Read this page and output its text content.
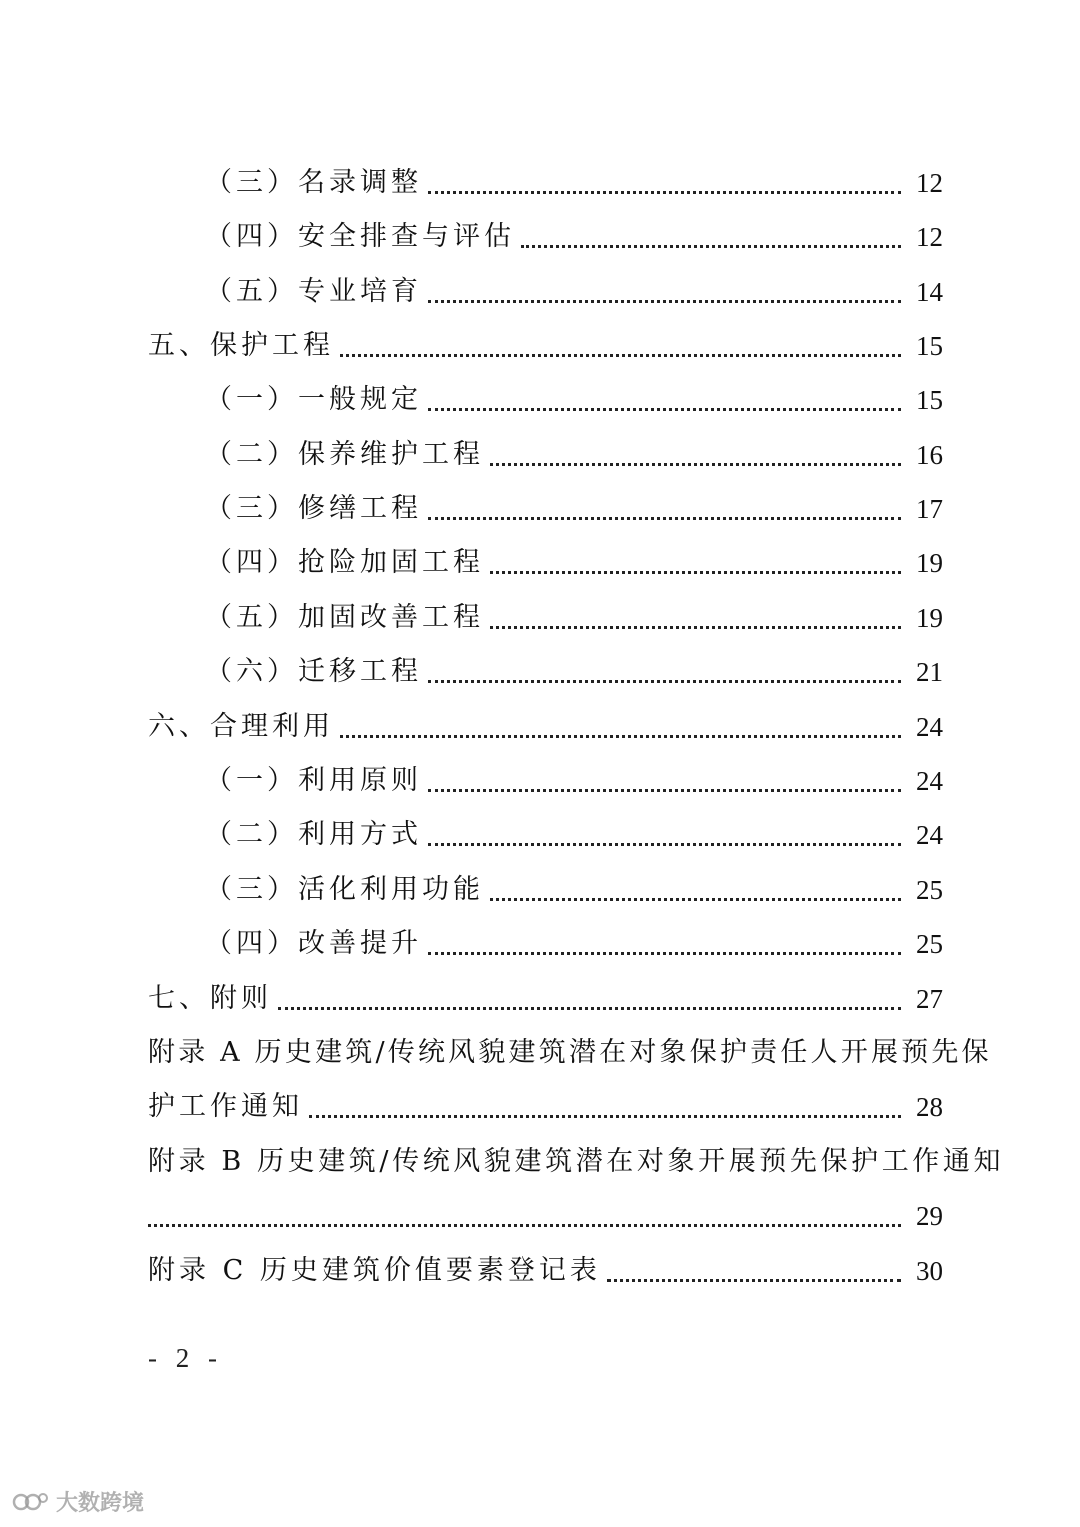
（三）名录调整	12
（四）安全排查与评估	12
（五）专业培育	14
五、保护工程	15
（一）一般规定	15
（二）保养维护工程	16
（三）修缮工程	17
（四）抢险加固工程	19
（五）加固改善工程	19
（六）迁移工程	21
六、合理利用	24
（一）利用原则	24
（二）利用方式	24
（三）活化利用功能	25
（四）改善提升	25
七、附则	27
附录 A 历史建筑/传统风貌建筑潜在对象保护责任人开展预先保
护工作通知	28
附录 B 历史建筑/传统风貌建筑潜在对象开展预先保护工作通知
29
附录 C 历史建筑价值要素登记表	30
- 2 -
大数跨境
